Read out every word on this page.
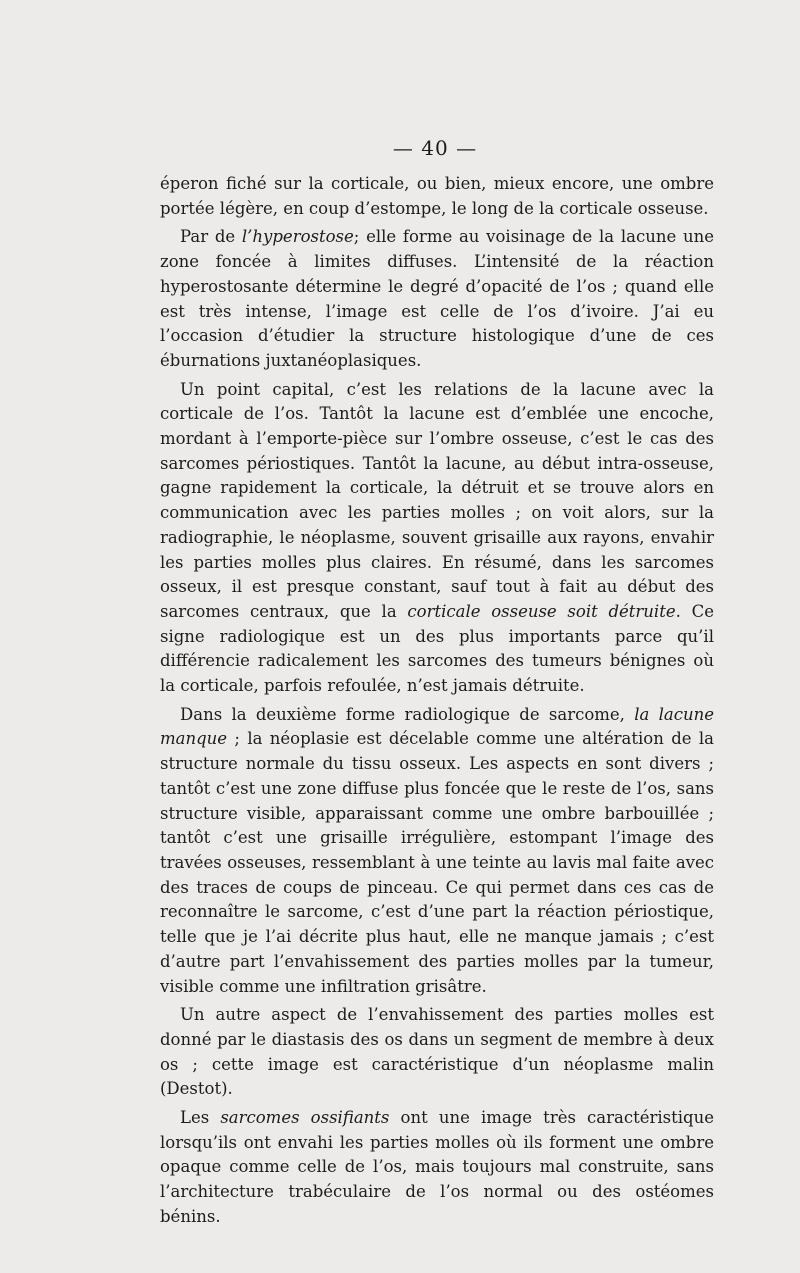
— 40 —

éperon fiché sur la corticale, ou bien, mieux encore, une ombre portée légère, en coup d’estompe, le long de la corticale osseuse.

Par de l’hyperostose; elle forme au voisinage de la lacune une zone foncée à limites diffuses. L’intensité de la réaction hyperostosante détermine le degré d’opacité de l’os ; quand elle est très intense, l’image est celle de l’os d’ivoire. J’ai eu l’occasion d’étudier la structure histologique d’une de ces éburnations juxtanéoplasiques.

Un point capital, c’est les relations de la lacune avec la corticale de l’os. Tantôt la lacune est d’emblée une encoche, mordant à l’emporte-pièce sur l’ombre osseuse, c’est le cas des sarcomes périostiques. Tantôt la lacune, au début intra-osseuse, gagne rapidement la corticale, la détruit et se trouve alors en communication avec les parties molles ; on voit alors, sur la radiographie, le néoplasme, souvent grisaille aux rayons, envahir les parties molles plus claires. En résumé, dans les sarcomes osseux, il est presque constant, sauf tout à fait au début des sarcomes centraux, que la corticale osseuse soit détruite. Ce signe radiologique est un des plus importants parce qu’il différencie radicalement les sarcomes des tumeurs bénignes où la corticale, parfois refoulée, n’est jamais détruite.

Dans la deuxième forme radiologique de sarcome, la lacune manque ; la néoplasie est décelable comme une altération de la structure normale du tissu osseux. Les aspects en sont divers ; tantôt c’est une zone diffuse plus foncée que le reste de l’os, sans structure visible, apparaissant comme une ombre barbouillée ; tantôt c’est une grisaille irrégulière, estompant l’image des travées osseuses, ressemblant à une teinte au lavis mal faite avec des traces de coups de pinceau. Ce qui permet dans ces cas de reconnaître le sarcome, c’est d’une part la réaction périostique, telle que je l’ai décrite plus haut, elle ne manque jamais ; c’est d’autre part l’envahissement des parties molles par la tumeur, visible comme une infiltration grisâtre.

Un autre aspect de l’envahissement des parties molles est donné par le diastasis des os dans un segment de membre à deux os ; cette image est caractéristique d’un néoplasme malin (Destot).

Les sarcomes ossifiants ont une image très caractéristique lorsqu’ils ont envahi les parties molles où ils forment une ombre opaque comme celle de l’os, mais toujours mal construite, sans l’architecture trabéculaire de l’os normal ou des ostéomes bénins.
